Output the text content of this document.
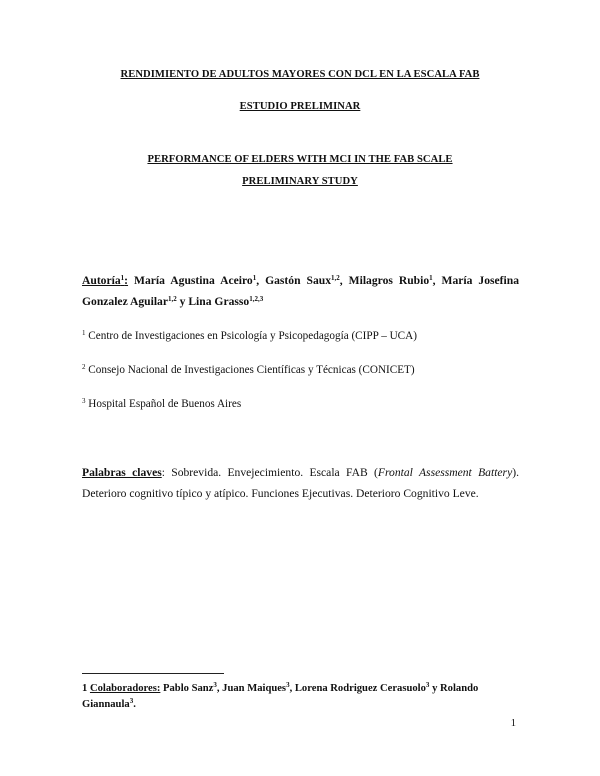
RENDIMIENTO DE ADULTOS MAYORES CON DCL EN LA ESCALA FAB
ESTUDIO PRELIMINAR
PERFORMANCE OF ELDERS WITH MCI IN THE FAB SCALE
PRELIMINARY STUDY
Autoría$^1$: María Agustina Aceiro$^1$, Gastón Saux$^{1,2}$, Milagros Rubio$^1$, María Josefina Gonzalez Aguilar$^{1,2}$ y Lina Grasso$^{1,2,3}$
$^1$ Centro de Investigaciones en Psicología y Psicopedagogía (CIPP – UCA)
$^2$ Consejo Nacional de Investigaciones Científicas y Técnicas (CONICET)
$^3$ Hospital Español de Buenos Aires
Palabras claves: Sobrevida. Envejecimiento. Escala FAB (Frontal Assessment Battery). Deterioro cognitivo típico y atípico. Funciones Ejecutivas. Deterioro Cognitivo Leve.
1 Colaboradores: Pablo Sanz$^3$, Juan Maiques$^3$, Lorena Rodriguez Cerasuolo$^3$ y Rolando Giannaula$^3$.
1
